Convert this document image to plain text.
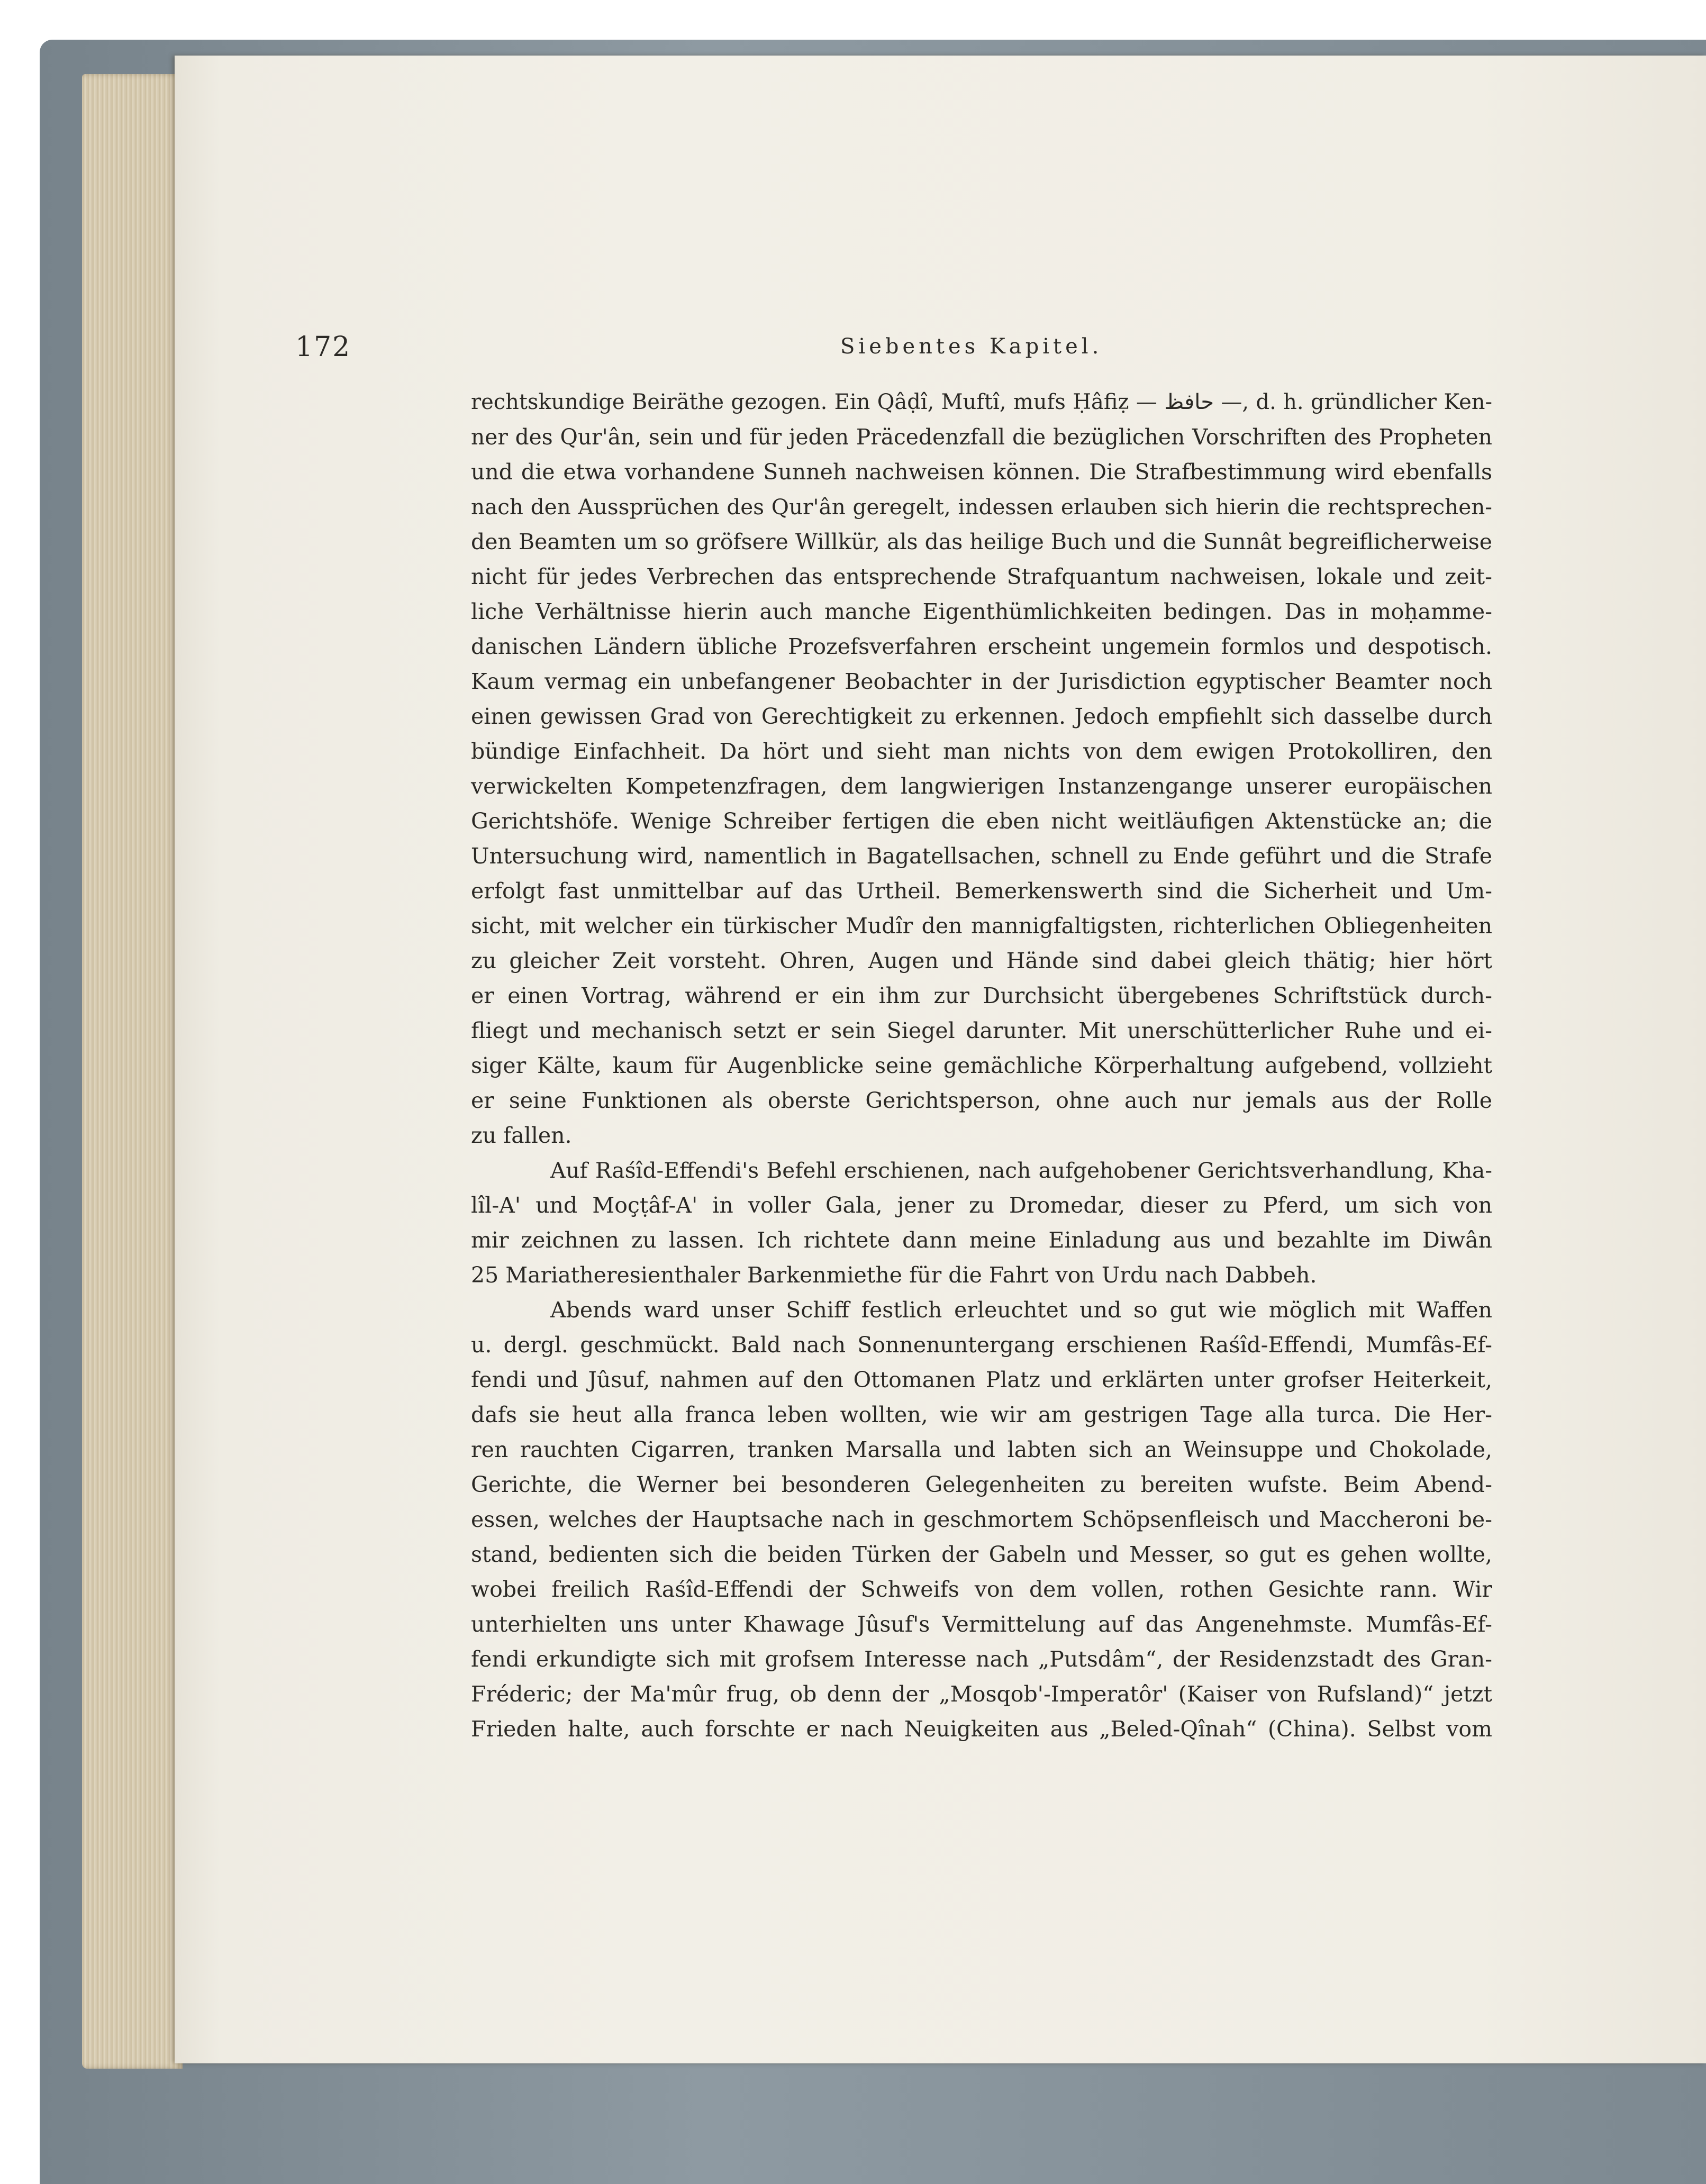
172	Siebentes Kapitel.
rechtskundige Beiräthe gezogen. Ein Qâḍî, Muftî, mufs Ḥâfiẓ — حافظ —, d. h. gründlicher Ken-
ner des Qur'ân, sein und für jeden Präcedenzfall die bezüglichen Vorschriften des Propheten
und die etwa vorhandene Sunneh nachweisen können. Die Strafbestimmung wird ebenfalls
nach den Aussprüchen des Qur'ân geregelt, indessen erlauben sich hierin die rechtsprechen-
den Beamten um so gröfsere Willkür, als das heilige Buch und die Sunnât begreiflicherweise
nicht für jedes Verbrechen das entsprechende Strafquantum nachweisen, lokale und zeit-
liche Verhältnisse hierin auch manche Eigenthümlichkeiten bedingen. Das in moḥamme-
danischen Ländern übliche Prozefsverfahren erscheint ungemein formlos und despotisch.
Kaum vermag ein unbefangener Beobachter in der Jurisdiction egyptischer Beamter noch
einen gewissen Grad von Gerechtigkeit zu erkennen. Jedoch empfiehlt sich dasselbe durch
bündige Einfachheit. Da hört und sieht man nichts von dem ewigen Protokolliren, den
verwickelten Kompetenzfragen, dem langwierigen Instanzengange unserer europäischen
Gerichtshöfe. Wenige Schreiber fertigen die eben nicht weitläufigen Aktenstücke an; die
Untersuchung wird, namentlich in Bagatellsachen, schnell zu Ende geführt und die Strafe
erfolgt fast unmittelbar auf das Urtheil. Bemerkenswerth sind die Sicherheit und Um-
sicht, mit welcher ein türkischer Mudîr den mannigfaltigsten, richterlichen Obliegenheiten
zu gleicher Zeit vorsteht. Ohren, Augen und Hände sind dabei gleich thätig; hier hört
er einen Vortrag, während er ein ihm zur Durchsicht übergebenes Schriftstück durch-
fliegt und mechanisch setzt er sein Siegel darunter. Mit unerschütterlicher Ruhe und ei-
siger Kälte, kaum für Augenblicke seine gemächliche Körperhaltung aufgebend, vollzieht
er seine Funktionen als oberste Gerichtsperson, ohne auch nur jemals aus der Rolle
zu fallen.
Auf Raśîd-Effendi's Befehl erschienen, nach aufgehobener Gerichtsverhandlung, Kha-
lîl-A' und Moçṭâf-A' in voller Gala, jener zu Dromedar, dieser zu Pferd, um sich von
mir zeichnen zu lassen. Ich richtete dann meine Einladung aus und bezahlte im Diwân
25 Mariatheresienthaler Barkenmiethe für die Fahrt von Urdu nach Dabbeh.
Abends ward unser Schiff festlich erleuchtet und so gut wie möglich mit Waffen
u. dergl. geschmückt. Bald nach Sonnenuntergang erschienen Raśîd-Effendi, Mumfâs-Ef-
fendi und Jûsuf, nahmen auf den Ottomanen Platz und erklärten unter grofser Heiterkeit,
dafs sie heut alla franca leben wollten, wie wir am gestrigen Tage alla turca. Die Her-
ren rauchten Cigarren, tranken Marsalla und labten sich an Weinsuppe und Chokolade,
Gerichte, die Werner bei besonderen Gelegenheiten zu bereiten wufste. Beim Abend-
essen, welches der Hauptsache nach in geschmortem Schöpsenfleisch und Maccheroni be-
stand, bedienten sich die beiden Türken der Gabeln und Messer, so gut es gehen wollte,
wobei freilich Raśîd-Effendi der Schweifs von dem vollen, rothen Gesichte rann. Wir
unterhielten uns unter Khawage Jûsuf's Vermittelung auf das Angenehmste. Mumfâs-Ef-
fendi erkundigte sich mit grofsem Interesse nach „Putsdâm“, der Residenzstadt des Gran-
Fréderic; der Ma'mûr frug, ob denn der „Mosqob'-Imperatôr' (Kaiser von Rufsland)“ jetzt
Frieden halte, auch forschte er nach Neuigkeiten aus „Beled-Qînah“ (China). Selbst vom
